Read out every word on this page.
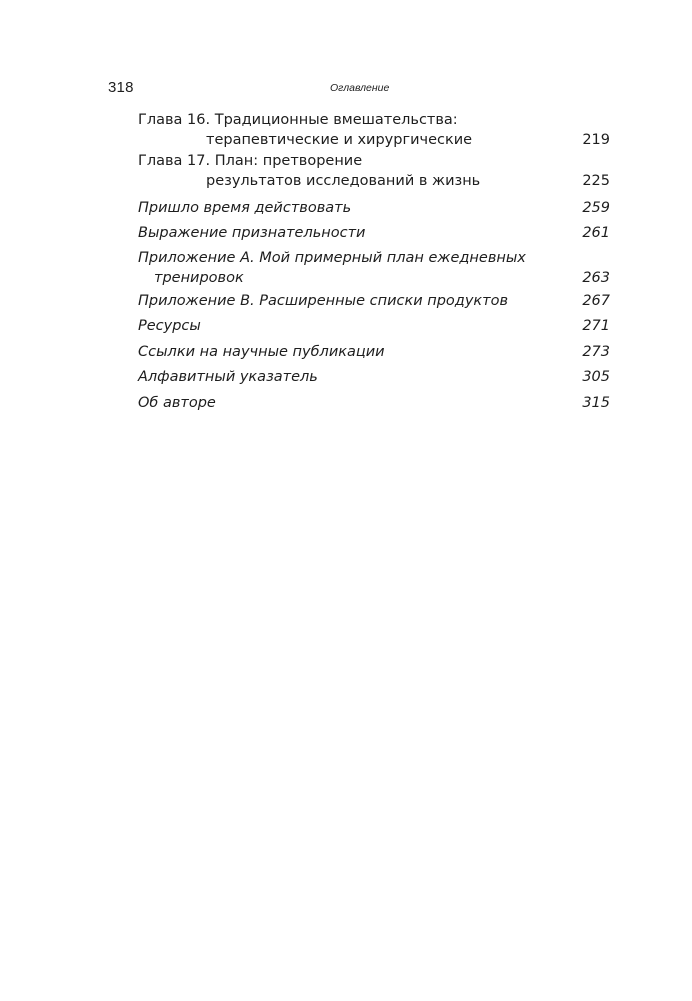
318	Оглавление
Глава 16. Традиционные вмешательства:
терапевтические и хирургические	219
Глава 17. План: претворение
результатов исследований в жизнь	225
Пришло время действовать	259
Выражение признательности	261
Приложение А. Мой примерный план ежедневных
тренировок	263
Приложение В. Расширенные списки продуктов	267
Ресурсы	271
Ссылки на научные публикации	273
Алфавитный указатель	305
Об авторе	315
